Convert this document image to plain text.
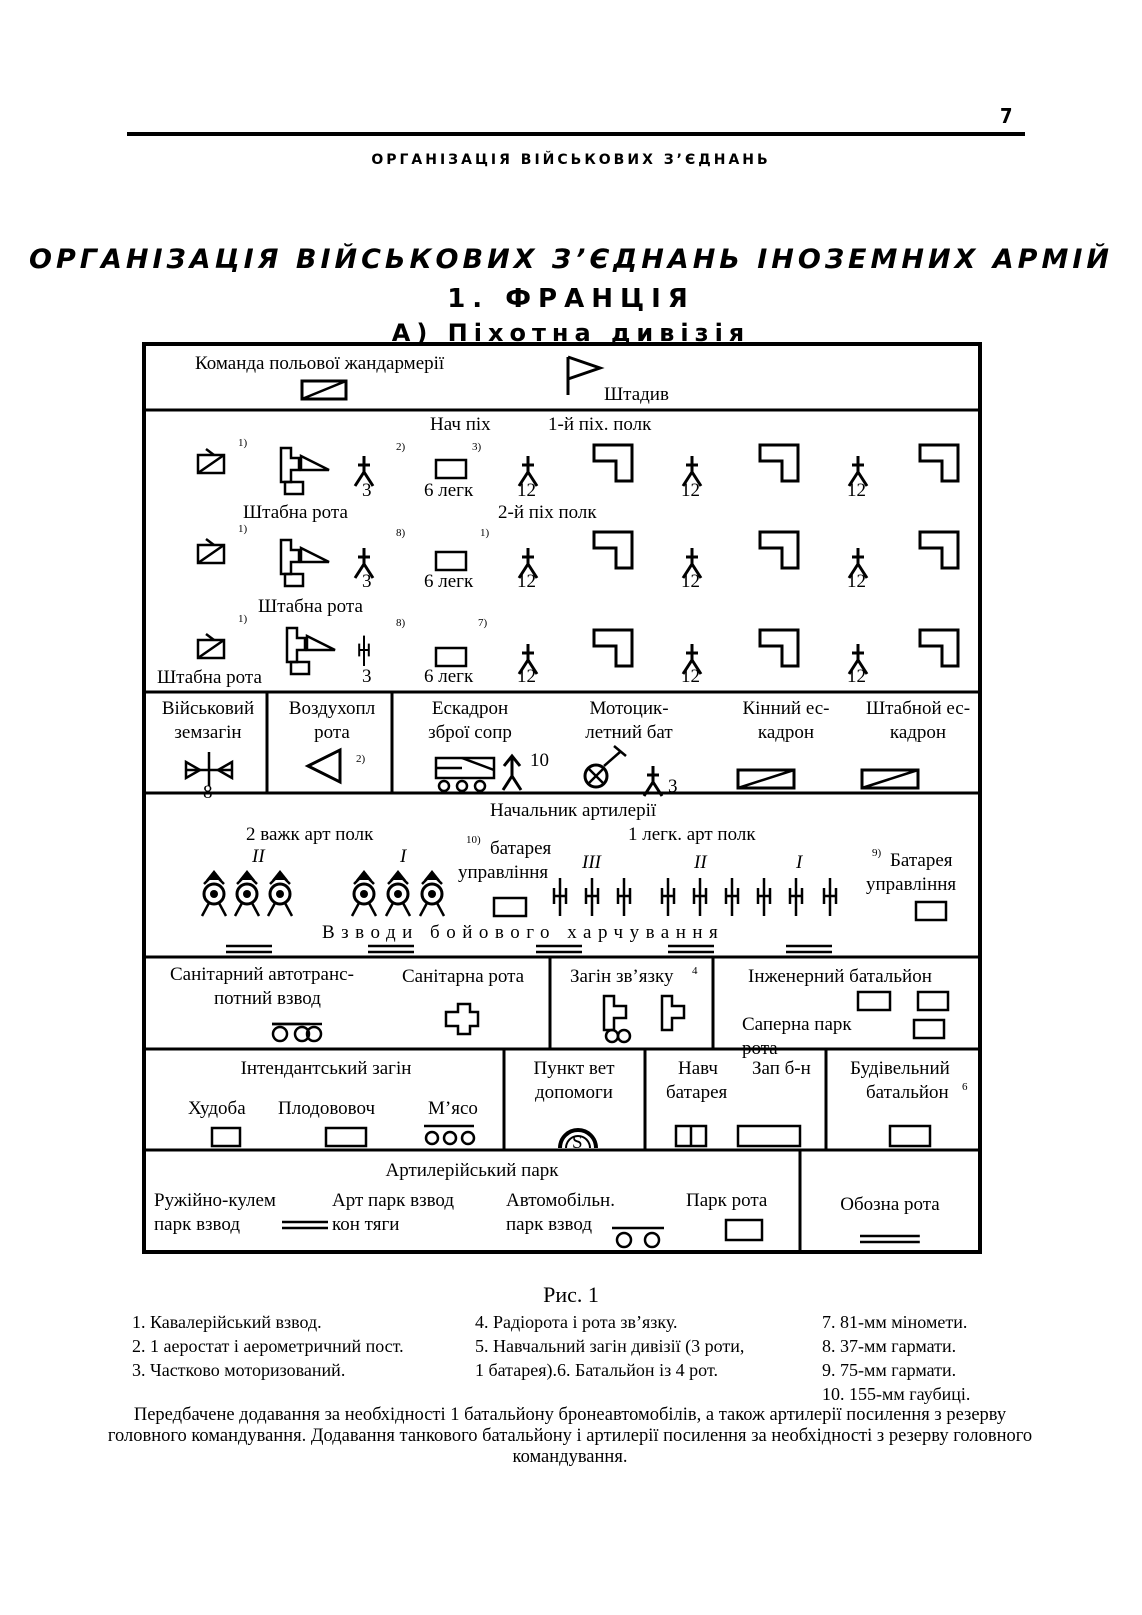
7
ОРГАНІЗАЦІЯ ВІЙСЬКОВИХ З’ЄДНАНЬ
ОРГАНІЗАЦІЯ ВІЙСЬКОВИХ З’ЄДНАНЬ ІНОЗЕМНИХ АРМІЙ
1. ФРАНЦІЯ
А) Піхотна дивізія
Команда польової жандармерії
Штадив
Нач піх	1-й піх. полк
Штабна рота	2-й піх полк
Штабна рота
Штабна рота
1)
1)
1)
3
3
3
2)
8)
8)
6 легк
6 легк
6 легк
3)
1)
7)
12	12	12
12	12	12
12	12	12
Військовий
земзагін
8
Воздухопл
рота
2)
Ескадрон
зброї сопр
10
Мотоцик-
летний бат
3
Кінний ес-
кадрон
Штабной ес-
кадрон
Начальник артилерії
2 важк арт полк	1 легк. арт полк
10) батарея
управління
9) Батарея
управління
II	I	III	II	I
Взводи бойового харчування
Санітарний автотранс-
потний взвод
Санітарна рота Загін зв’язку 4	Інженерний батальйон
Саперна парк
рота
Інтендантський загін
Худоба Плодововоч	М’ясо
Пункт вет
допомоги
S
Навч
батарея
Зап б-н Будівельний
батальйон 6
Артилерійський парк
Ружійно-кулем
парк взвод
Арт парк взвод
кон тяги
Автомобільн.
парк взвод
Парк рота	Обозна рота
Рис. 1
1. Кавалерійський взвод.
2. 1 аеростат і аерометричний пост.
3. Частково моторизований.
4. Радіорота і рота зв’язку.
5. Навчальний загін дивізії (3 роти,
1 батарея).6. Батальйон із 4 рот.
7. 81-мм міномети.
8. 37-мм гармати.
9. 75-мм гармати.
10. 155-мм гаубиці.
Передбачене додавання за необхідності 1 батальйону бронеавтомобілів, а також артилерії посилення з резерву головного командування. Додавання танкового батальйону і артилерії посилення за необхідності з резерву головного командування.
